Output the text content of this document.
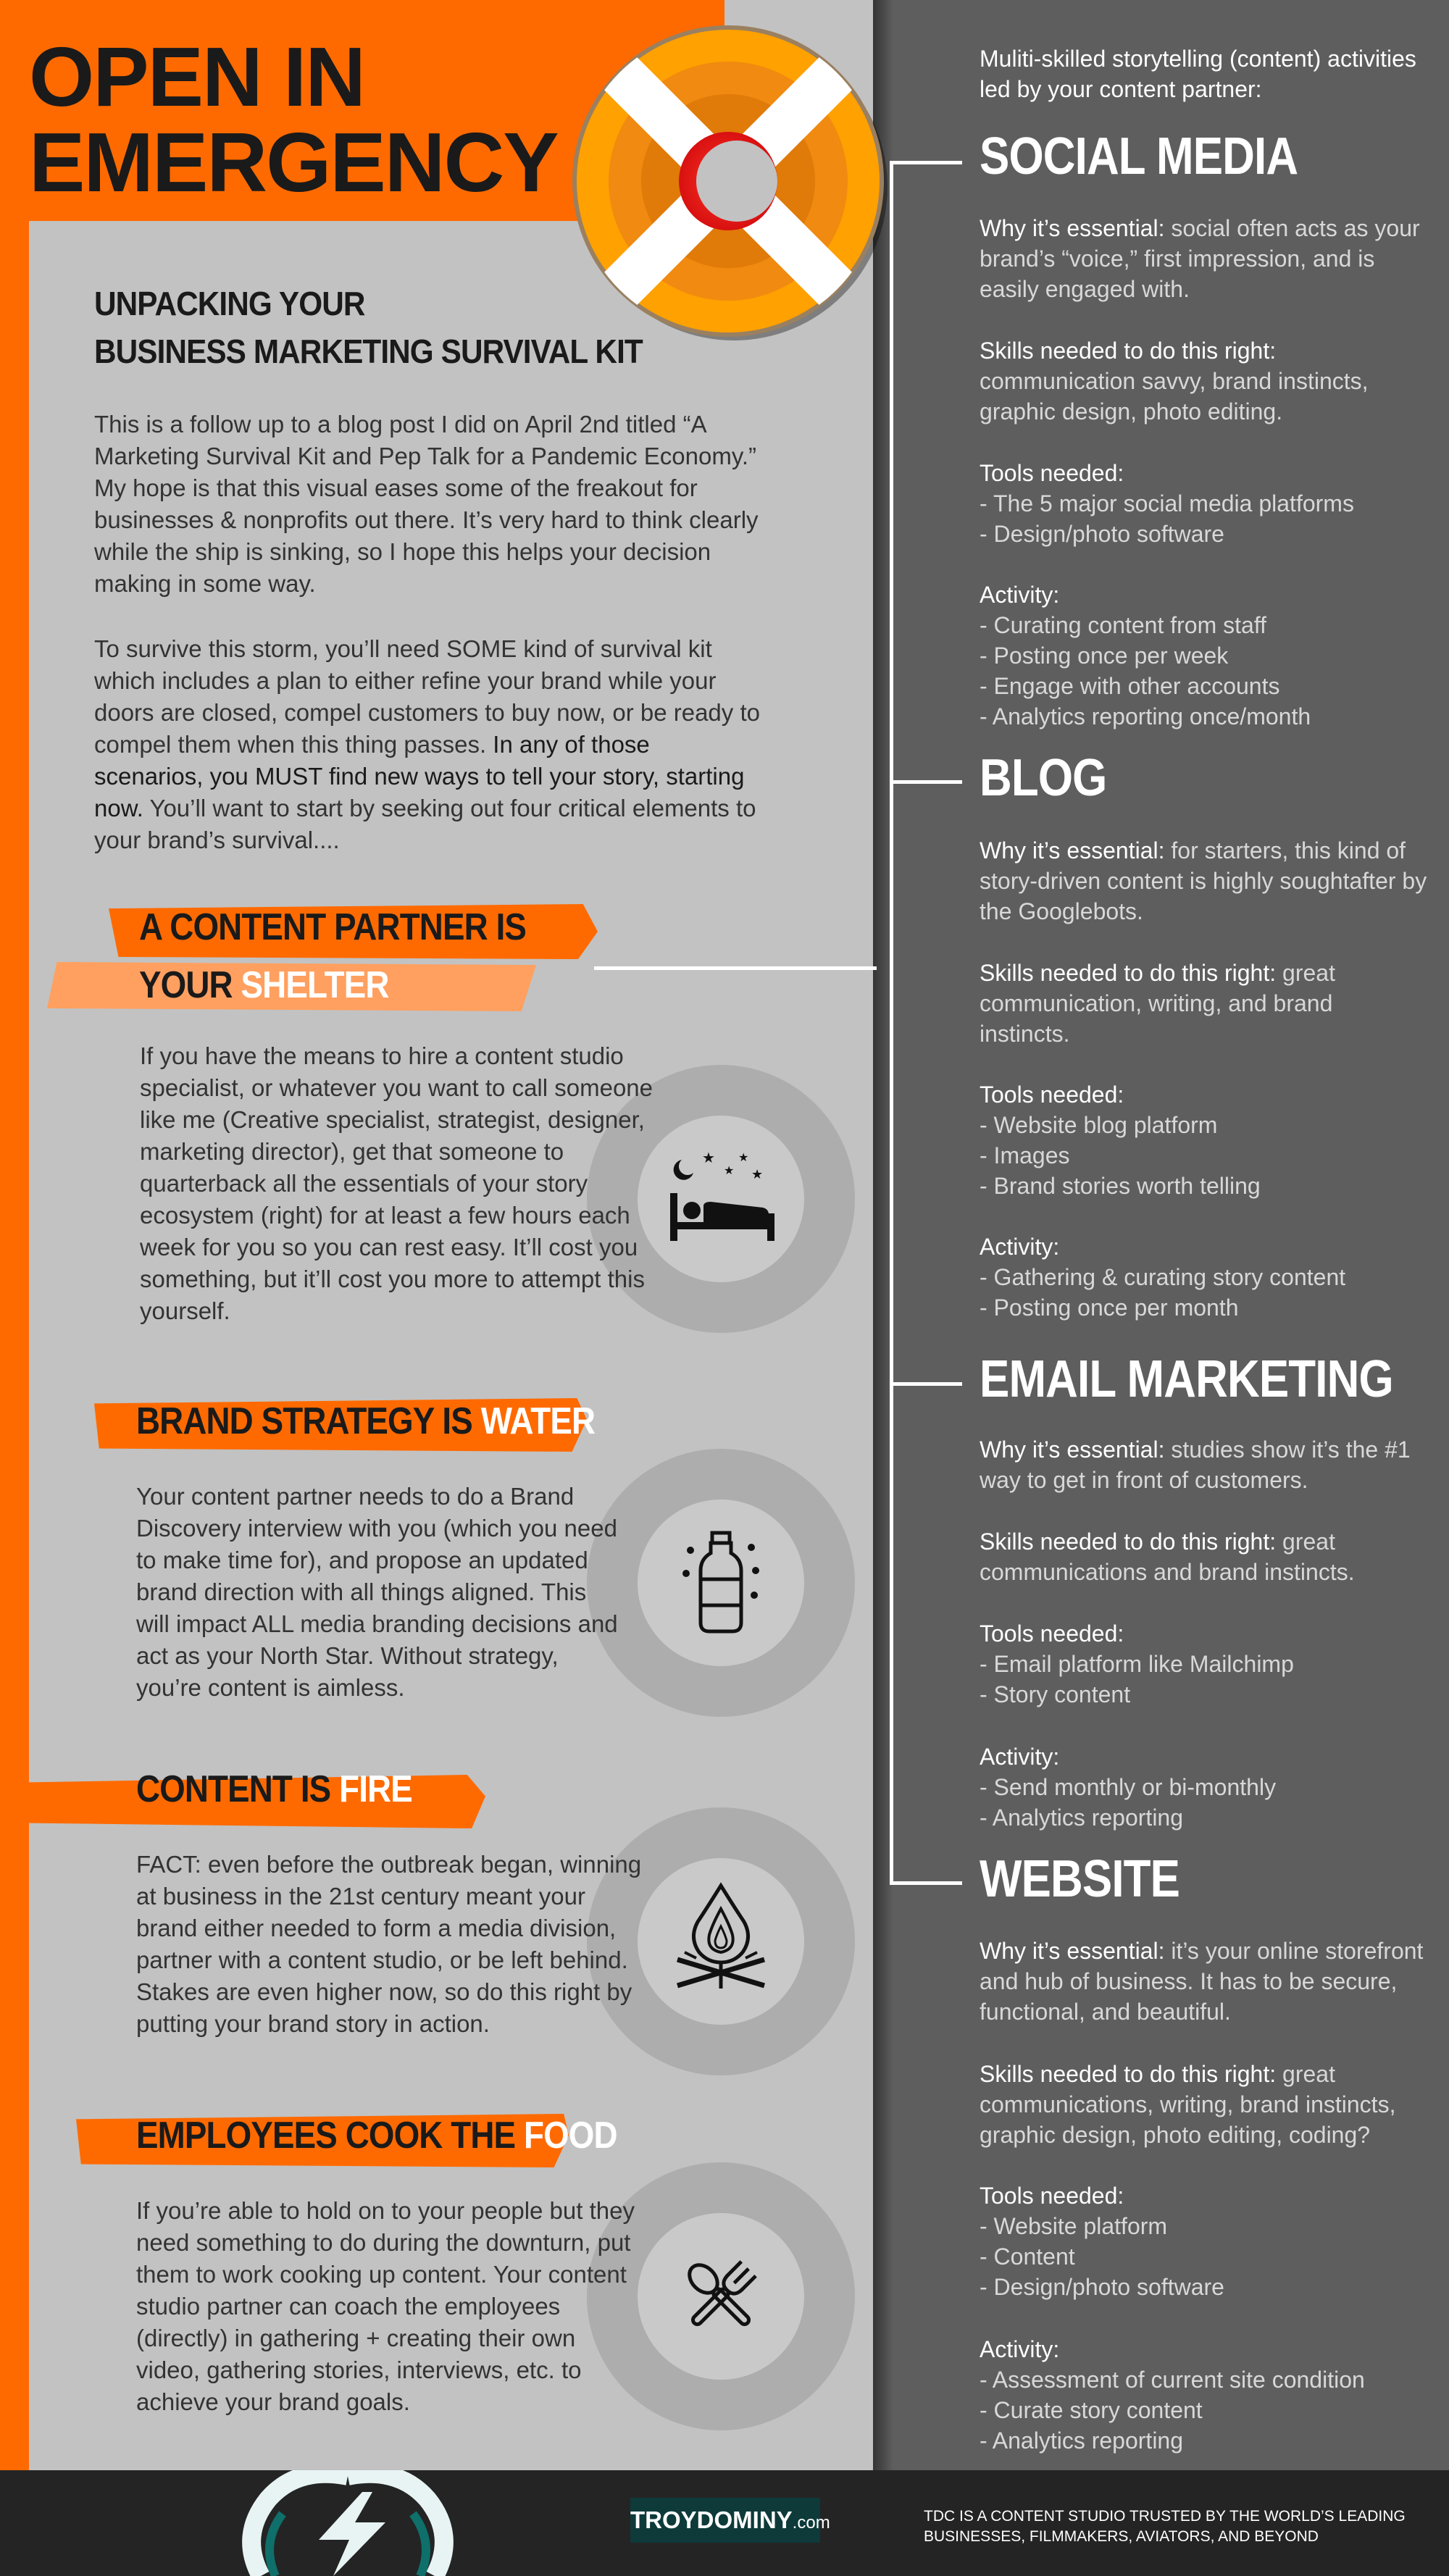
OPEN IN
EMERGENCY
UNPACKING YOUR
BUSINESS MARKETING SURVIVAL KIT
This is a follow up to a blog post I did on April 2nd titled “A Marketing Survival Kit and Pep Talk for a Pandemic Economy.” My hope is that this visual eases some of the freakout for businesses & nonprofits out there. It’s very hard to think clearly while the ship is sinking, so I hope this helps your decision making in some way.
To survive this storm, you’ll need SOME kind of survival kit which includes a plan to either refine your brand while your doors are closed, compel customers to buy now, or be ready to compel them when this thing passes. In any of those scenarios, you MUST find new ways to tell your story, starting now. You’ll want to start by seeking out four critical elements to your brand’s survival....
A CONTENT PARTNER IS
YOUR SHELTER
★
★
★
★
If you have the means to hire a content studio specialist, or whatever you want to call someone like me (Creative specialist, strategist, designer, marketing director), get that someone to quarterback all the essentials of your story ecosystem (right) for at least a few hours each week for you so you can rest easy. It’ll cost you something, but it’ll cost you more to attempt this yourself.
BRAND STRATEGY IS WATER
Your content partner needs to do a Brand Discovery interview with you (which you need to make time for), and propose an updated brand direction with all things aligned. This will impact ALL media branding decisions and act as your North Star. Without strategy, you’re content is aimless.
CONTENT IS FIRE
FACT: even before the outbreak began, winning at business in the 21st century meant your brand either needed to form a media division, partner with a content studio, or be left behind. Stakes are even higher now, so do this right by putting your brand story in action.
EMPLOYEES COOK THE FOOD
If you’re able to hold on to your people but they need something to do during the downturn, put them to work cooking up content. Your content studio partner can coach the employees (directly) in gathering + creating their own video, gathering stories, interviews, etc. to achieve your brand goals.
Muliti-skilled storytelling (content) activities led by your content partner:
SOCIAL MEDIA
Why it’s essential: social often acts as your brand’s “voice,” first impression, and is easily engaged with.
Skills needed to do this right: communication savvy, brand instincts, graphic design, photo editing.
Tools needed:
- The 5 major social media platforms
- Design/photo software
Activity:
- Curating content from staff
- Posting once per week
- Engage with other accounts
- Analytics reporting once/month
BLOG
Why it’s essential: for starters, this kind of story-driven content is highly soughtafter by the Googlebots.
Skills needed to do this right: great communication, writing, and brand instincts.
Tools needed:
- Website blog platform
- Images
- Brand stories worth telling
Activity:
- Gathering & curating story content
- Posting once per month
EMAIL MARKETING
Why it’s essential: studies show it’s the #1 way to get in front of customers.
Skills needed to do this right: great communications and brand instincts.
Tools needed:
- Email platform like Mailchimp
- Story content
Activity:
- Send monthly or bi-monthly
- Analytics reporting
WEBSITE
Why it’s essential: it’s your online storefront and hub of business. It has to be secure, functional, and beautiful.
Skills needed to do this right: great communications, writing, brand instincts, graphic design, photo editing, coding?
Tools needed:
- Website platform
- Content
- Design/photo software
Activity:
- Assessment of current site condition
- Curate story content
- Analytics reporting
TROYDOMINY.com	TDC IS A CONTENT STUDIO TRUSTED BY THE WORLD’S LEADING BUSINESSES, FILMMAKERS, AVIATORS, AND BEYOND
